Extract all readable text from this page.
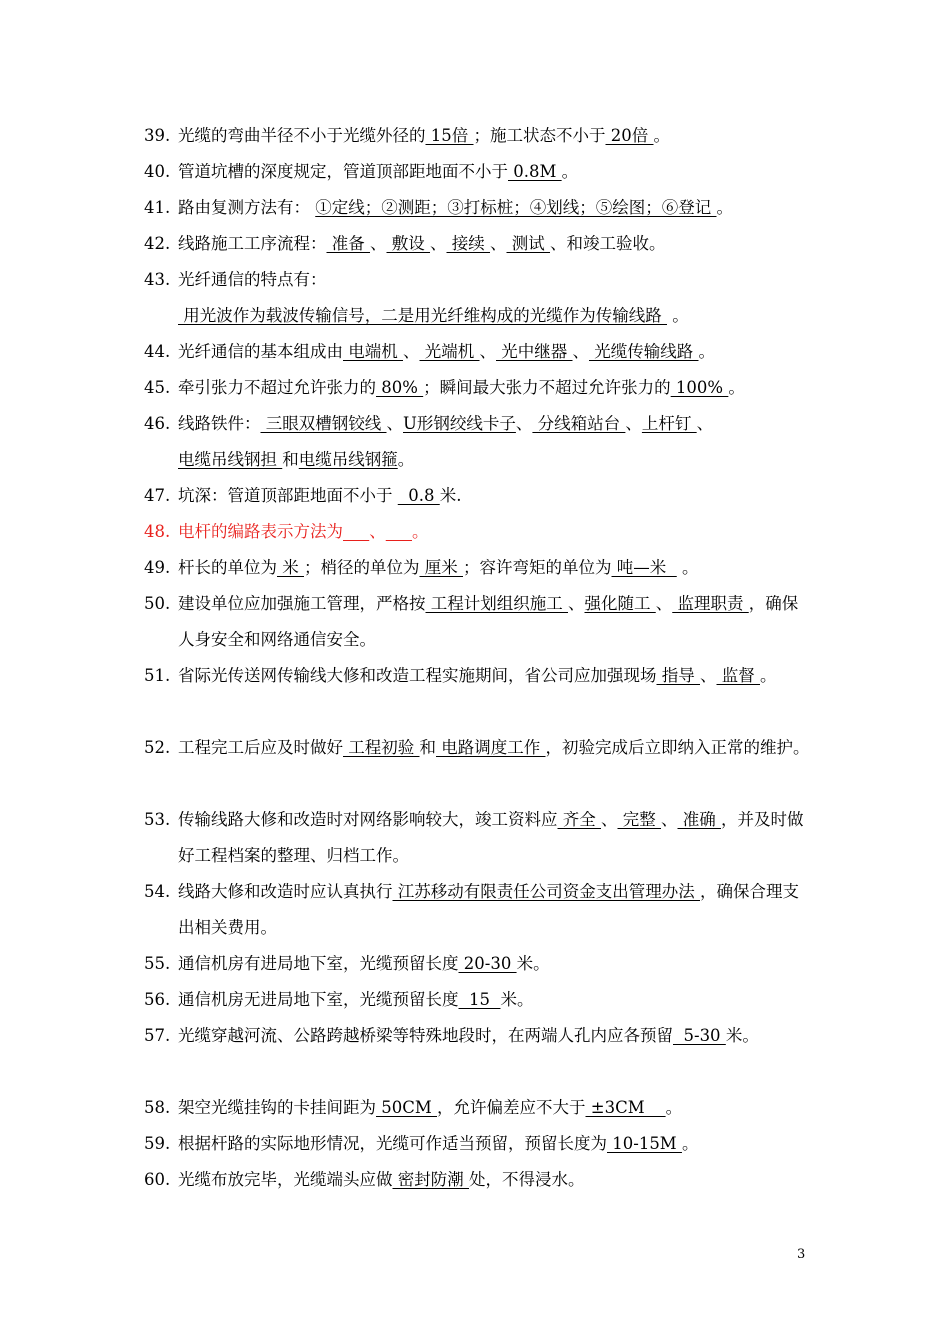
39. 光缆的弯曲半径不小于光缆外径的 15倍 ；施工状态不小于 20倍 。
40. 管道坑槽的深度规定，管道顶部距地面不小于 0.8M 。
41. 路由复测方法有： ①定线；②测距；③打标桩；④划线；⑤绘图；⑥登记 。
42. 线路施工工序流程： 准备 、 敷设 、 接续 、 测试 、和竣工验收。
43. 光纤通信的特点有： 用光波作为载波传输信号，二是用光纤维构成的光缆作为传输线路  。
44. 光纤通信的基本组成由 电端机 、 光端机 、 光中继器 、 光缆传输线路 。
45. 牵引张力不超过允许张力的 80% ；瞬间最大张力不超过允许张力的 100% 。
46. 线路铁件： 三眼双槽钢铰线 、U形钢绞线卡子、 分线箱站台 、上杆钉 、电缆吊线钢担 和电缆吊线钢箍。
47. 坑深：管道顶部距地面不小于   0.8 米.
48. 电杆的编路表示方法为 、 。
49. 杆长的单位为 米 ；梢径的单位为 厘米 ；容许弯矩的单位为 吨—米   。
50. 建设单位应加强施工管理，严格按 工程计划组织施工 、强化随工 、 监理职责 ，确保人身安全和网络通信安全。
51. 省际光传送网传输线大修和改造工程实施期间，省公司应加强现场 指导 、 监督 。
52. 工程完工后应及时做好 工程初验 和 电路调度工作 ，初验完成后立即纳入正常的维护。
53. 传输线路大修和改造时对网络影响较大，竣工资料应 齐全 、 完整 、 准确 ，并及时做好工程档案的整理、归档工作。
54. 线路大修和改造时应认真执行 江苏移动有限责任公司资金支出管理办法 ，确保合理支出相关费用。
55. 通信机房有进局地下室，光缆预留长度 20-30 米。
56. 通信机房无进局地下室，光缆预留长度  15  米。
57. 光缆穿越河流、公路跨越桥梁等特殊地段时，在两端人孔内应各预留  5-30 米。
58. 架空光缆挂钩的卡挂间距为 50CM ，允许偏差应不大于 ±3CM    。
59. 根据杆路的实际地形情况，光缆可作适当预留，预留长度为 10-15M 。
60. 光缆布放完毕，光缆端头应做 密封防潮 处，不得浸水。
3
